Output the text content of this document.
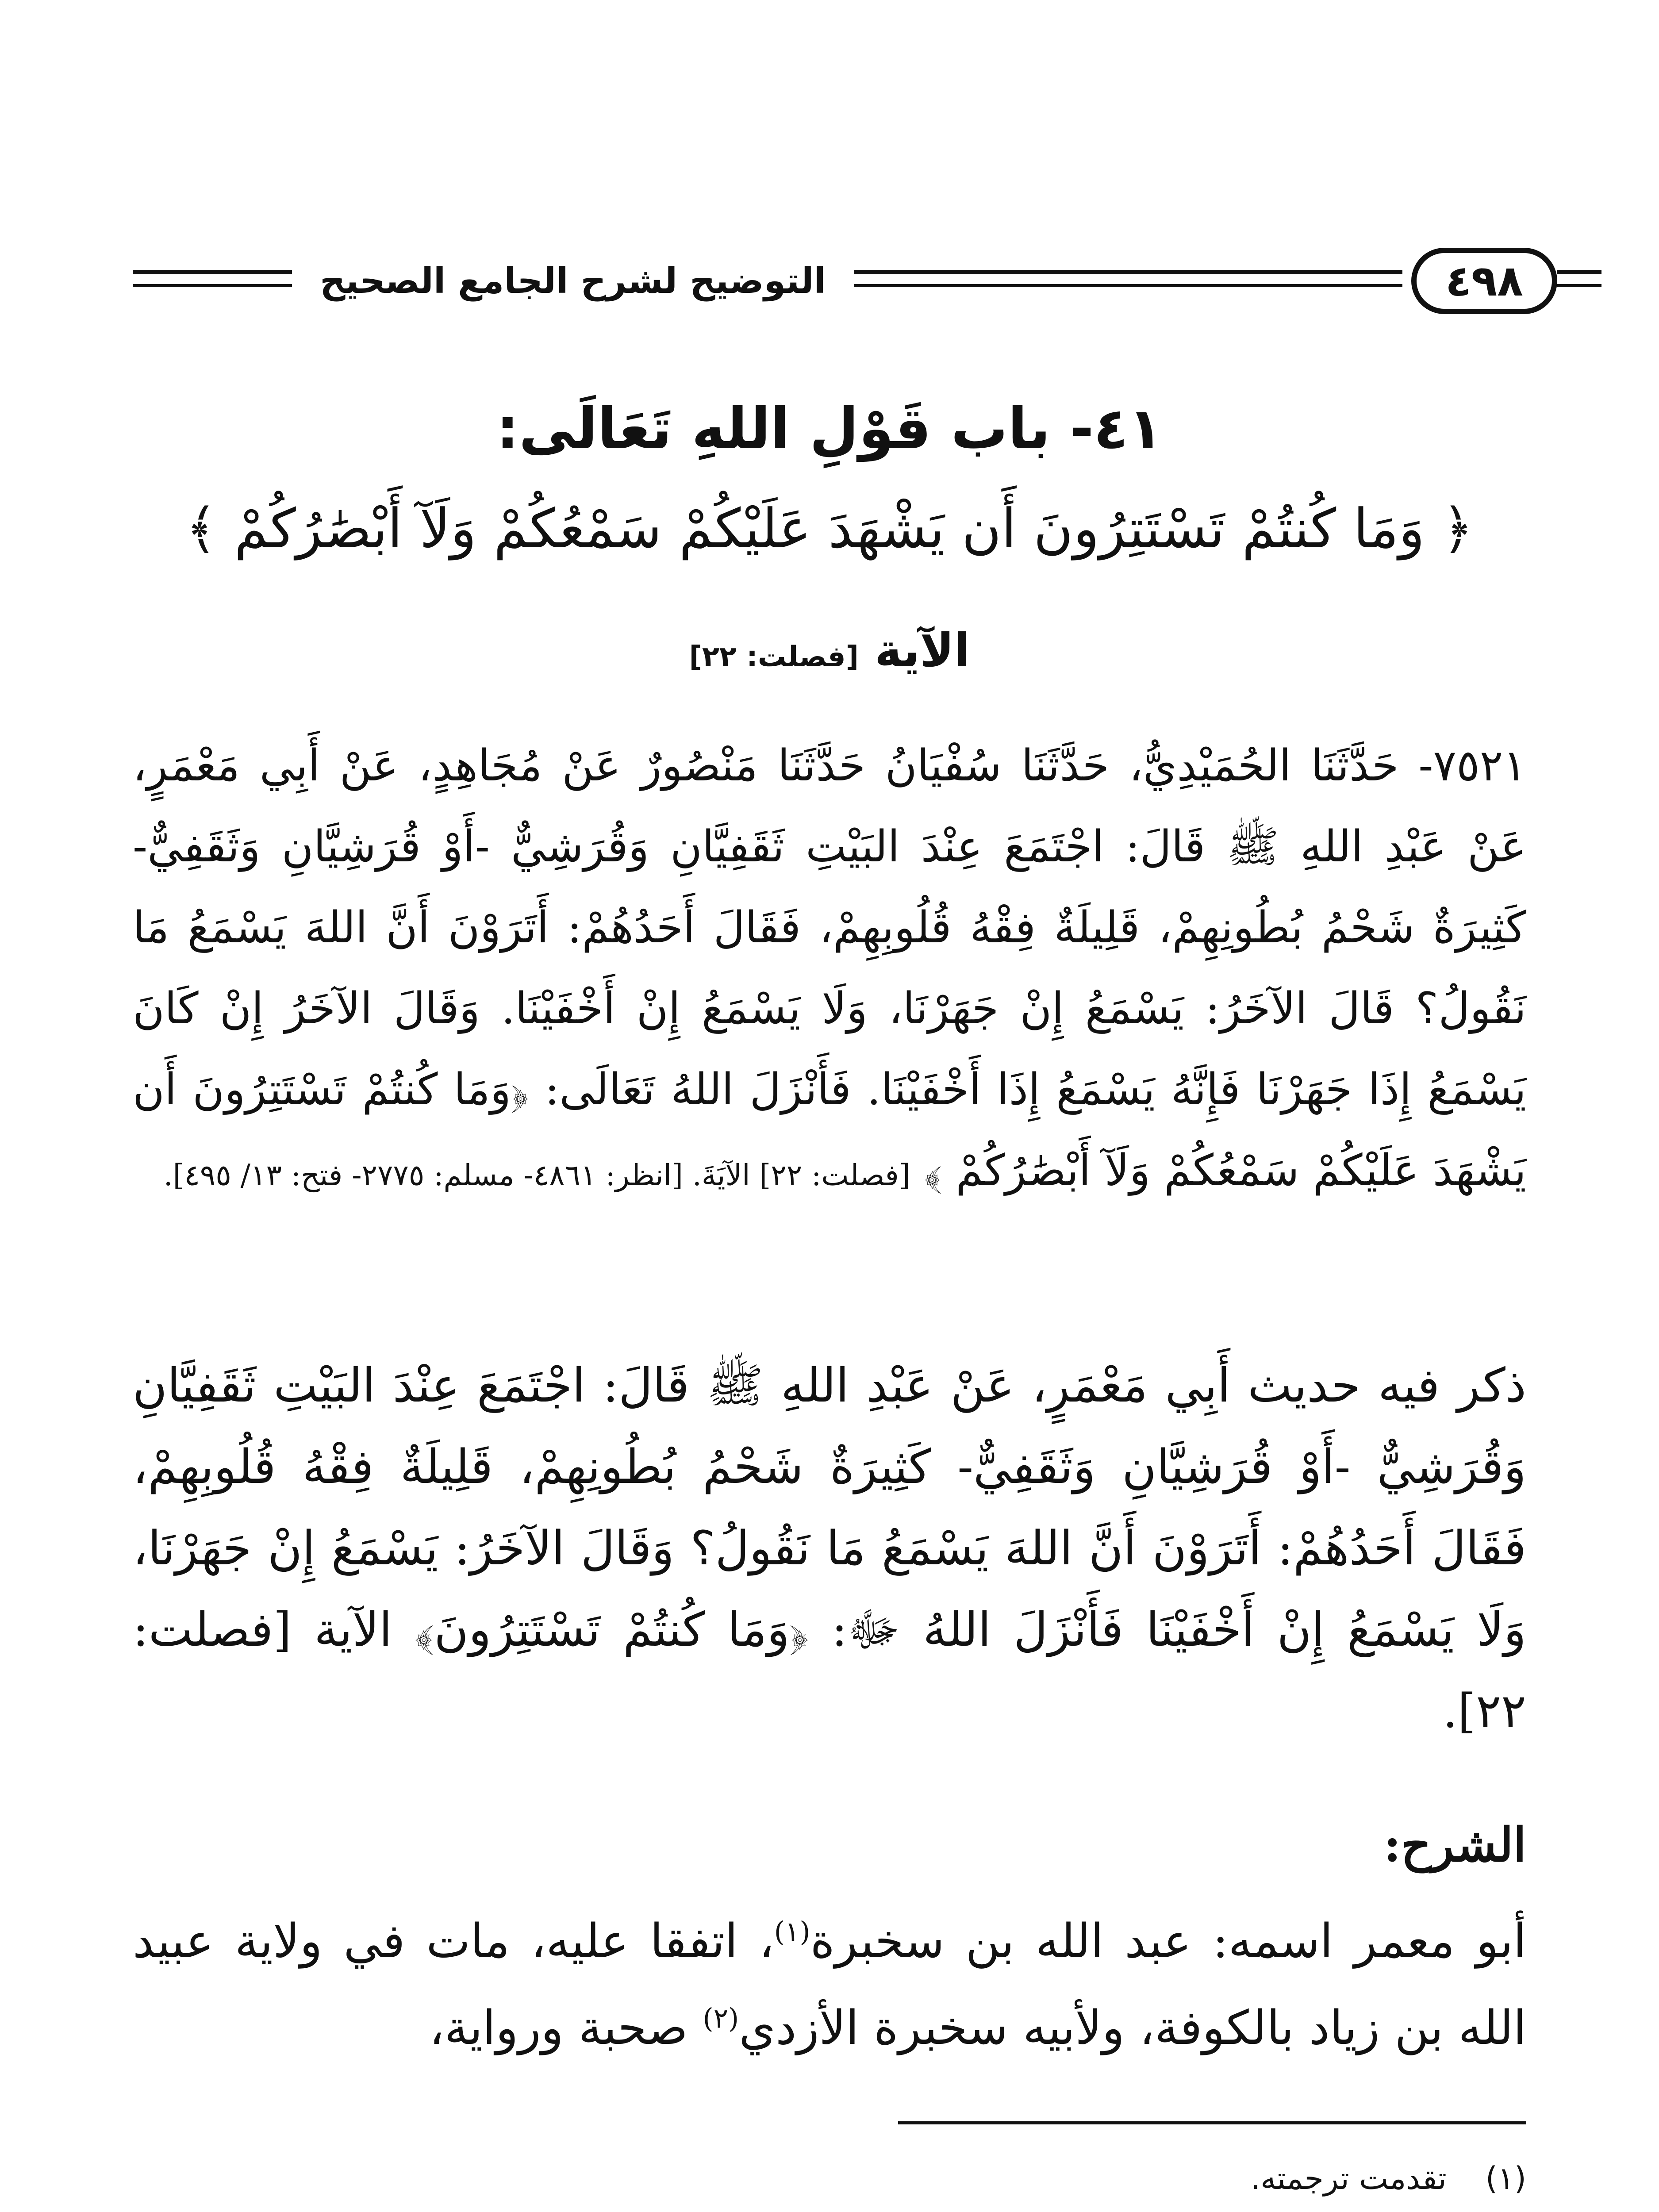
٤٩٨
التوضيح لشرح الجامع الصحيح
٤١- باب قَوْلِ اللهِ تَعَالَى:
﴿ وَمَا كُنتُمْ تَسْتَتِرُونَ أَن يَشْهَدَ عَلَيْكُمْ سَمْعُكُمْ وَلَآ أَبْصَٰرُكُمْ ﴾
الآية [فصلت: ٢٢]
٧٥٢١- حَدَّثَنَا الحُمَيْدِيُّ، حَدَّثَنَا سُفْيَانُ حَدَّثَنَا مَنْصُورٌ عَنْ مُجَاهِدٍ، عَنْ أَبِي مَعْمَرٍ، عَنْ عَبْدِ اللهِ ﷺ قَالَ: اجْتَمَعَ عِنْدَ البَيْتِ ثَقَفِيَّانِ وَقُرَشِيٌّ -أَوْ قُرَشِيَّانِ وَثَقَفِيٌّ- كَثِيرَةٌ شَحْمُ بُطُونِهِمْ، قَلِيلَةٌ فِقْهُ قُلُوبِهِمْ، فَقَالَ أَحَدُهُمْ: أَتَرَوْنَ أَنَّ اللهَ يَسْمَعُ مَا نَقُولُ؟ قَالَ الآخَرُ: يَسْمَعُ إِنْ جَهَرْنَا، وَلَا يَسْمَعُ إِنْ أَخْفَيْنَا. وَقَالَ الآخَرُ إِنْ كَانَ يَسْمَعُ إِذَا جَهَرْنَا فَإِنَّهُ يَسْمَعُ إِذَا أَخْفَيْنَا. فَأَنْزَلَ اللهُ تَعَالَى: ﴿وَمَا كُنتُمْ تَسْتَتِرُونَ أَن يَشْهَدَ عَلَيْكُمْ سَمْعُكُمْ وَلَآ أَبْصَٰرُكُمْ ﴾ [فصلت: ٢٢] الآيَةَ. [انظر: ٤٨٦١- مسلم: ٢٧٧٥- فتح: ١٣/ ٤٩٥].
ذكر فيه حديث أَبِي مَعْمَرٍ، عَنْ عَبْدِ اللهِ ﷺ قَالَ: اجْتَمَعَ عِنْدَ البَيْتِ ثَقَفِيَّانِ وَقُرَشِيٌّ -أَوْ قُرَشِيَّانِ وَثَقَفِيٌّ- كَثِيرَةٌ شَحْمُ بُطُونِهِمْ، قَلِيلَةٌ فِقْهُ قُلُوبِهِمْ، فَقَالَ أَحَدُهُمْ: أَتَرَوْنَ أَنَّ اللهَ يَسْمَعُ مَا نَقُولُ؟ وَقَالَ الآخَرُ: يَسْمَعُ إِنْ جَهَرْنَا، وَلَا يَسْمَعُ إِنْ أَخْفَيْنَا فَأَنْزَلَ اللهُ ﷻ: ﴿وَمَا كُنتُمْ تَسْتَتِرُونَ﴾ الآية [فصلت: ٢٢].
الشرح:
أبو معمر اسمه: عبد الله بن سخبرة$^{(١)}$، اتفقا عليه، مات في ولاية عبيد الله بن زياد بالكوفة، ولأبيه سخبرة الأزدي$^{(٢)}$ صحبة ورواية،
(١)
تقدمت ترجمته.
